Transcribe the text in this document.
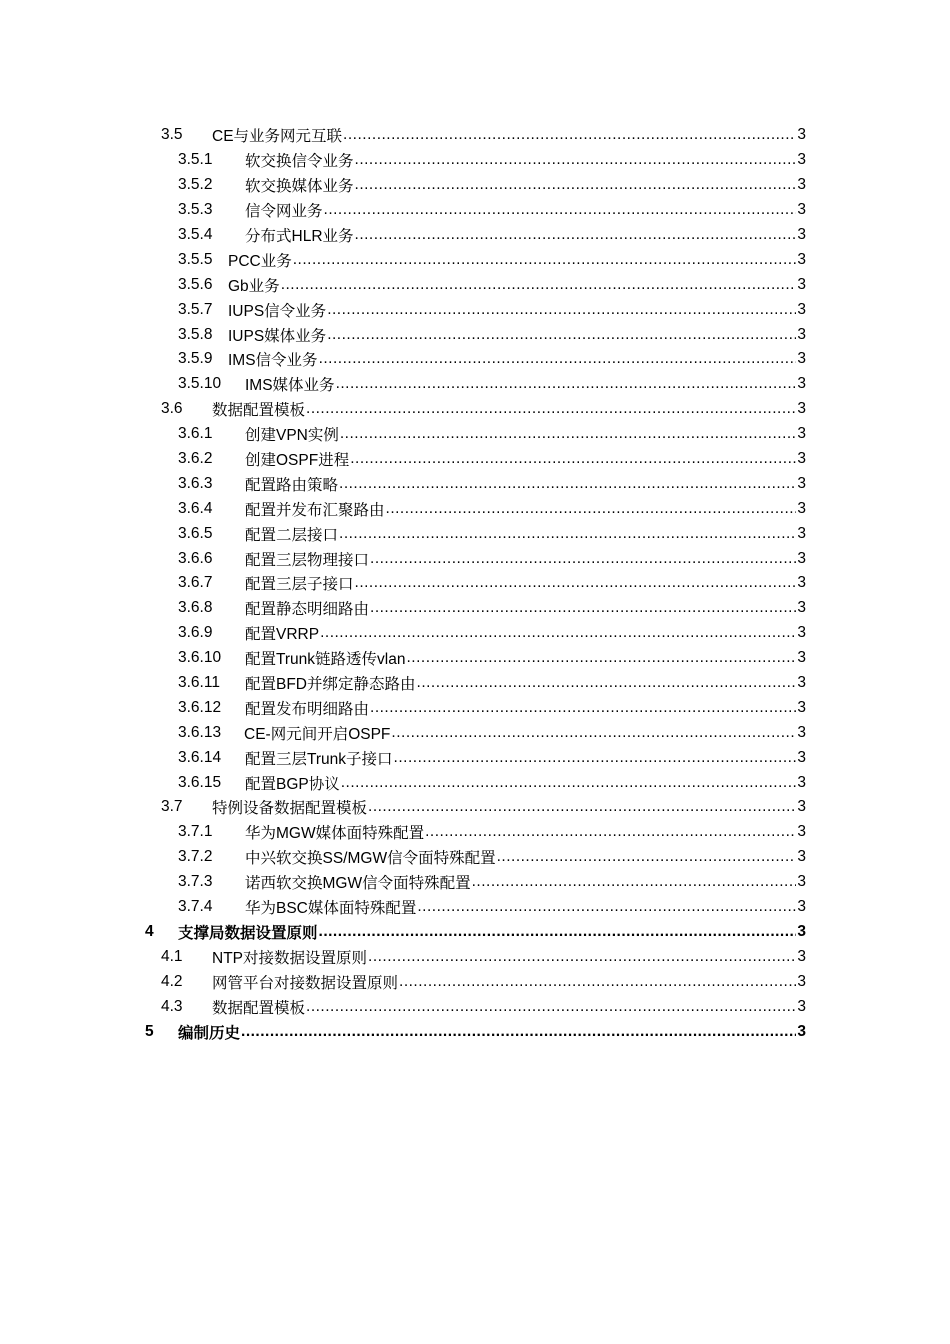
3.5	CE与业务网元互联 .....	3
3.5.1	软交换信令业务 .....	3
3.5.2	软交换媒体业务 .....	3
3.5.3	信令网业务 .....	3
3.5.4	分布式HLR业务 .....	3
3.5.5	PCC业务 .....	3
3.5.6	Gb业务 .....	3
3.5.7	IUPS信令业务 .....	3
3.5.8	IUPS媒体业务 .....	3
3.5.9	IMS信令业务 .....	3
3.5.10	IMS媒体业务 .....	3
3.6	数据配置模板 .....	3
3.6.1	创建VPN实例 .....	3
3.6.2	创建OSPF进程 .....	3
3.6.3	配置路由策略 .....	3
3.6.4	配置并发布汇聚路由 .....	3
3.6.5	配置二层接口 .....	3
3.6.6	配置三层物理接口 .....	3
3.6.7	配置三层子接口 .....	3
3.6.8	配置静态明细路由 .....	3
3.6.9	配置VRRP .....	3
3.6.10	配置Trunk链路透传vlan .....	3
3.6.11	配置BFD并绑定静态路由 .....	3
3.6.12	配置发布明细路由 .....	3
3.6.13	CE-网元间开启OSPF .....	3
3.6.14	配置三层Trunk子接口 .....	3
3.6.15	配置BGP协议 .....	3
3.7	特例设备数据配置模板 .....	3
3.7.1	华为MGW媒体面特殊配置 .....	3
3.7.2	中兴软交换SS/MGW信令面特殊配置 .....	3
3.7.3	诺西软交换MGW信令面特殊配置 .....	3
3.7.4	华为BSC媒体面特殊配置 .....	3
4	支撑局数据设置原则 .....	3
4.1	NTP对接数据设置原则 .....	3
4.2	网管平台对接数据设置原则 .....	3
4.3	数据配置模板 .....	3
5	编制历史 .....	3
